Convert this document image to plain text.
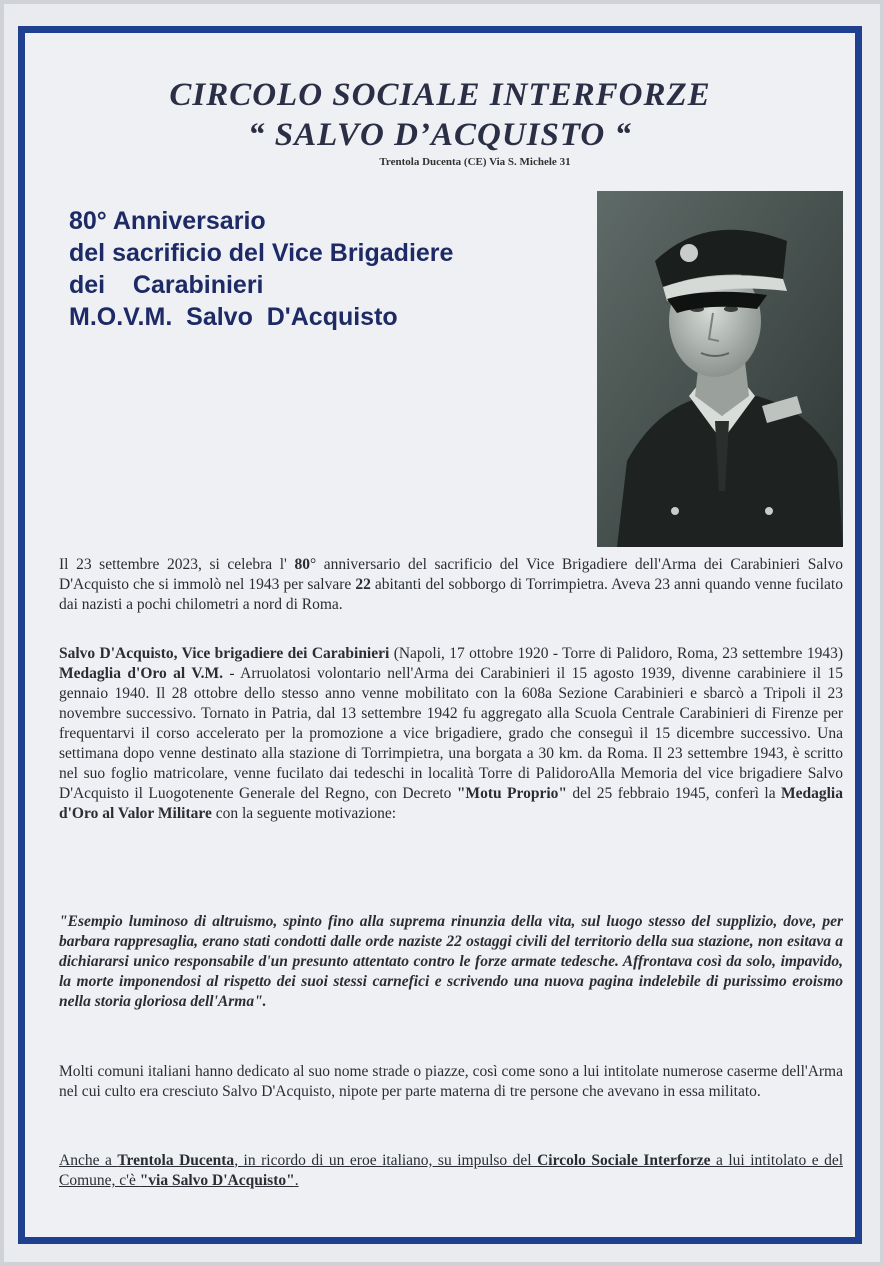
CIRCOLO SOCIALE INTERFORZE
“ SALVO D’ACQUISTO “
Trentola Ducenta (CE) Via S. Michele 31
80° Anniversario
del sacrificio del Vice Brigadiere
dei    Carabinieri
M.O.V.M.  Salvo  D'Acquisto
Il 23 settembre 2023, si celebra l' 80° anniversario del sacrificio del Vice Brigadiere dell'Arma dei Carabinieri Salvo D'Acquisto che si immolò nel 1943 per salvare 22 abitanti del sobborgo di Torrimpietra. Aveva 23 anni quando venne fucilato dai nazisti a pochi chilometri a nord di Roma.
Salvo D'Acquisto, Vice brigadiere dei Carabinieri (Napoli, 17 ottobre 1920 - Torre di Palidoro, Roma, 23 settembre 1943) Medaglia d'Oro al V.M. - Arruolatosi volontario nell'Arma dei Carabinieri il 15 agosto 1939, divenne carabiniere il 15 gennaio 1940. Il 28 ottobre dello stesso anno venne mobilitato con la 608a Sezione Carabinieri e sbarcò a Tripoli il 23 novembre successivo. Tornato in Patria, dal 13 settembre 1942 fu aggregato alla Scuola Centrale Carabinieri di Firenze per frequentarvi il corso accelerato per la promozione a vice brigadiere, grado che conseguì il 15 dicembre successivo. Una settimana dopo venne destinato alla stazione di Torrimpietra, una borgata a 30 km. da Roma. Il 23 settembre 1943, è scritto nel suo foglio matricolare, venne fucilato dai tedeschi in località Torre di PalidoroAlla Memoria del vice brigadiere Salvo D'Acquisto il Luogotenente Generale del Regno, con Decreto "Motu Proprio" del 25 febbraio 1945, conferì la Medaglia d'Oro al Valor Militare con la seguente motivazione:
"Esempio luminoso di altruismo, spinto fino alla suprema rinunzia della vita, sul luogo stesso del supplizio, dove, per barbara rappresaglia, erano stati condotti dalle orde naziste 22 ostaggi civili del territorio della sua stazione, non esitava a dichiararsi unico responsabile d'un presunto attentato contro le forze armate tedesche. Affrontava così da solo, impavido, la morte imponendosi al rispetto dei suoi stessi carnefici e scrivendo una nuova pagina indelebile di purissimo eroismo nella storia gloriosa dell'Arma".
Molti comuni italiani hanno dedicato al suo nome strade o piazze, così come sono a lui intitolate numerose caserme dell'Arma nel cui culto era cresciuto Salvo D'Acquisto, nipote per parte materna di tre persone che avevano in essa militato.
Anche a Trentola Ducenta, in ricordo di un eroe italiano, su impulso del Circolo Sociale Interforze a lui intitolato e del Comune, c'è "via Salvo D'Acquisto".
